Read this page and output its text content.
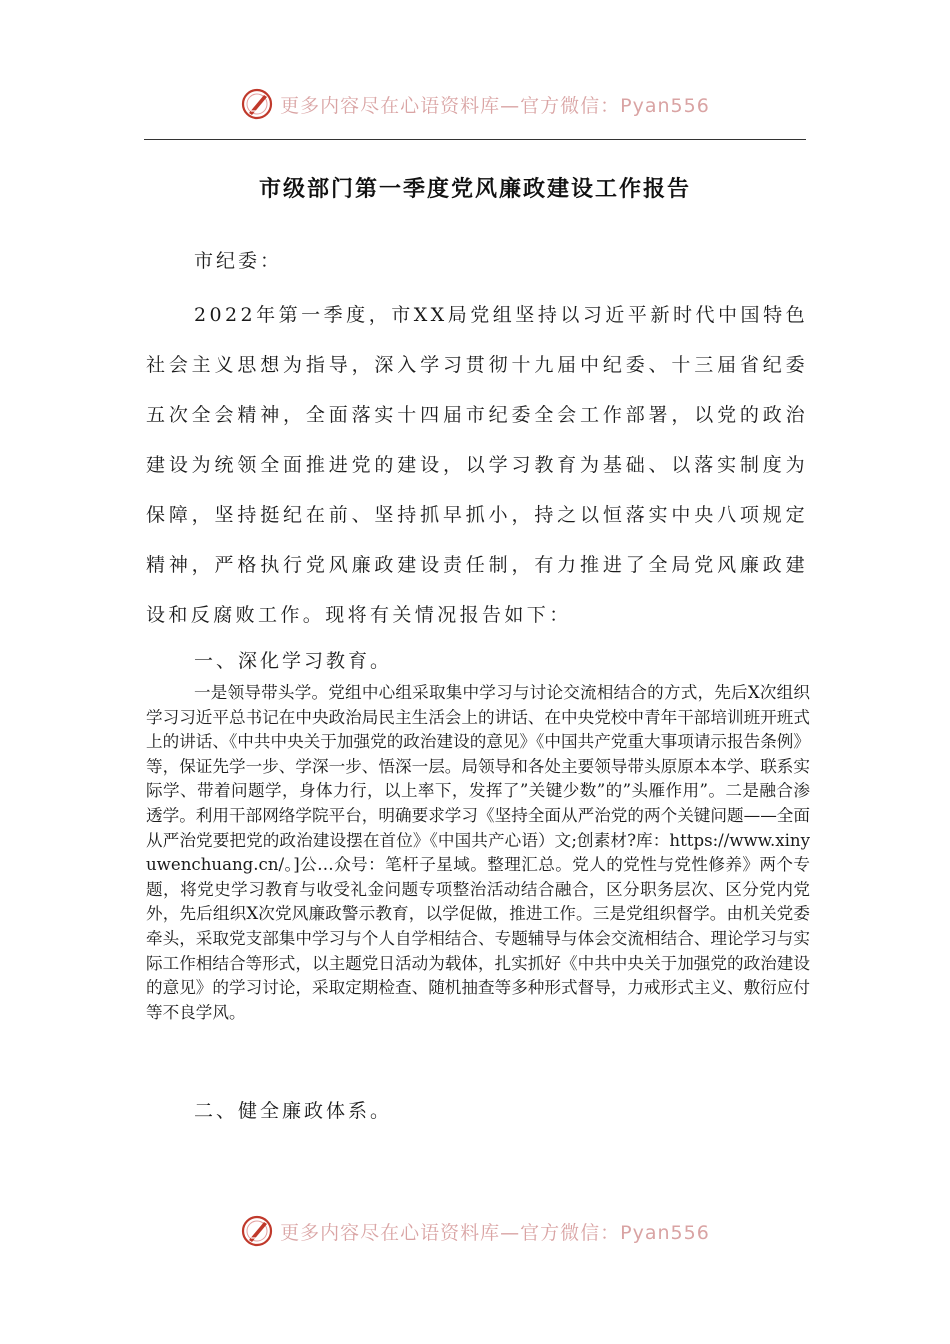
更多内容尽在心语资料库—官方微信：Pyan556
市级部门第一季度党风廉政建设工作报告
市纪委：

2022年第一季度，市XX局党组坚持以习近平新时代中国特色社会主义思想为指导，深入学习贯彻十九届中纪委、十三届省纪委五次全会精神，全面落实十四届市纪委全会工作部署，以党的政治建设为统领全面推进党的建设，以学习教育为基础、以落实制度为保障，坚持挺纪在前、坚持抓早抓小，持之以恒落实中央八项规定精神，严格执行党风廉政建设责任制，有力推进了全局党风廉政建设和反腐败工作。现将有关情况报告如下：

一、深化学习教育。

一是领导带头学。党组中心组采取集中学习与讨论交流相结合的方式，先后X次组织学习习近平总书记在中央政治局民主生活会上的讲话、在中央党校中青年干部培训班开班式上的讲话、《中共中央关于加强党的政治建设的意见》《中国共产党重大事项请示报告条例》等，保证先学一步、学深一步、悟深一层。局领导和各处主要领导带头原原本本学、联系实际学、带着问题学，身体力行，以上率下，发挥了”关键少数”的”头雁作用”。二是融合渗透学。利用干部网络学院平台，明确要求学习《坚持全面从严治党的两个关键问题——全面从严治党要把党的政治建设摆在首位》《中国共产心语）文;创素材?库：https://www.xinyuwenchuang.cn/。]公…众号：笔杆子星域。整理汇总。党人的党性与党性修养》两个专题，将党史学习教育与收受礼金问题专项整治活动结合融合，区分职务层次、区分党内党外，先后组织X次党风廉政警示教育，以学促做，推进工作。三是党组织督学。由机关党委牵头，采取党支部集中学习与个人自学相结合、专题辅导与体会交流相结合、理论学习与实际工作相结合等形式，以主题党日活动为载体，扎实抓好《中共中央关于加强党的政治建设的意见》的学习讨论，采取定期检查、随机抽查等多种形式督导，力戒形式主义、敷衍应付等不良学风。

二、健全廉政体系。
更多内容尽在心语资料库—官方微信：Pyan556
